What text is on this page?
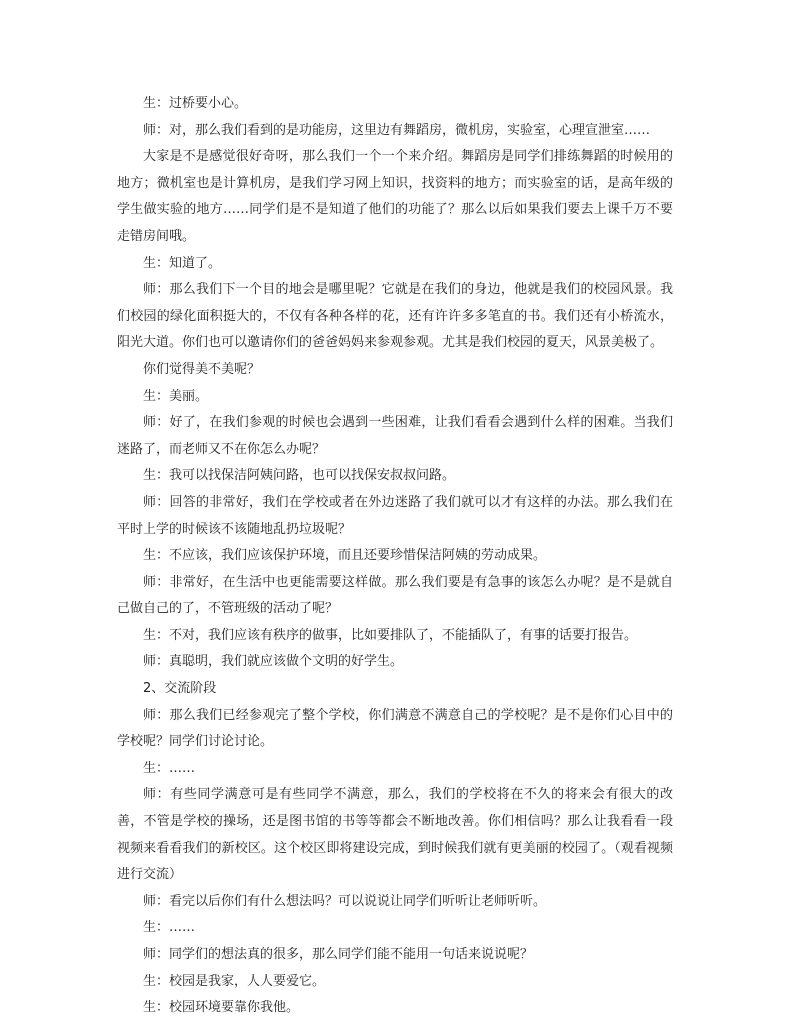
生：过桥要小心。

师：对，那么我们看到的是功能房，这里边有舞蹈房，微机房，实验室，心理宣泄室……

大家是不是感觉很好奇呀，那么我们一个一个来介绍。舞蹈房是同学们排练舞蹈的时候用的地方；微机室也是计算机房，是我们学习网上知识，找资料的地方；而实验室的话，是高年级的学生做实验的地方……同学们是不是知道了他们的功能了？那么以后如果我们要去上课千万不要走错房间哦。

生：知道了。

师：那么我们下一个目的地会是哪里呢？它就是在我们的身边，他就是我们的校园风景。我们校园的绿化面积挺大的，不仅有各种各样的花，还有许许多多笔直的书。我们还有小桥流水，阳光大道。你们也可以邀请你们的爸爸妈妈来参观参观。尤其是我们校园的夏天，风景美极了。

你们觉得美不美呢？

生：美丽。

师：好了，在我们参观的时候也会遇到一些困难，让我们看看会遇到什么样的困难。当我们迷路了，而老师又不在你怎么办呢？

生：我可以找保洁阿姨问路，也可以找保安叔叔问路。

师：回答的非常好，我们在学校或者在外边迷路了我们就可以才有这样的办法。那么我们在平时上学的时候该不该随地乱扔垃圾呢？

生：不应该，我们应该保护环境，而且还要珍惜保洁阿姨的劳动成果。

师：非常好，在生活中也更能需要这样做。那么我们要是有急事的该怎么办呢？是不是就自己做自己的了，不管班级的活动了呢？

生：不对，我们应该有秩序的做事，比如要排队了，不能插队了，有事的话要打报告。

师：真聪明，我们就应该做个文明的好学生。

2、交流阶段

师：那么我们已经参观完了整个学校，你们满意不满意自己的学校呢？是不是你们心目中的学校呢？同学们讨论讨论。

生：……

师：有些同学满意可是有些同学不满意，那么，我们的学校将在不久的将来会有很大的改善，不管是学校的操场，还是图书馆的书等等都会不断地改善。你们相信吗？那么让我看看一段视频来看看我们的新校区。这个校区即将建设完成，到时候我们就有更美丽的校园了。（观看视频进行交流）

师：看完以后你们有什么想法吗？可以说说让同学们听听让老师听听。

生：……

师：同学们的想法真的很多，那么同学们能不能用一句话来说说呢？

生：校园是我家，人人要爱它。

生：校园环境要靠你我他。
